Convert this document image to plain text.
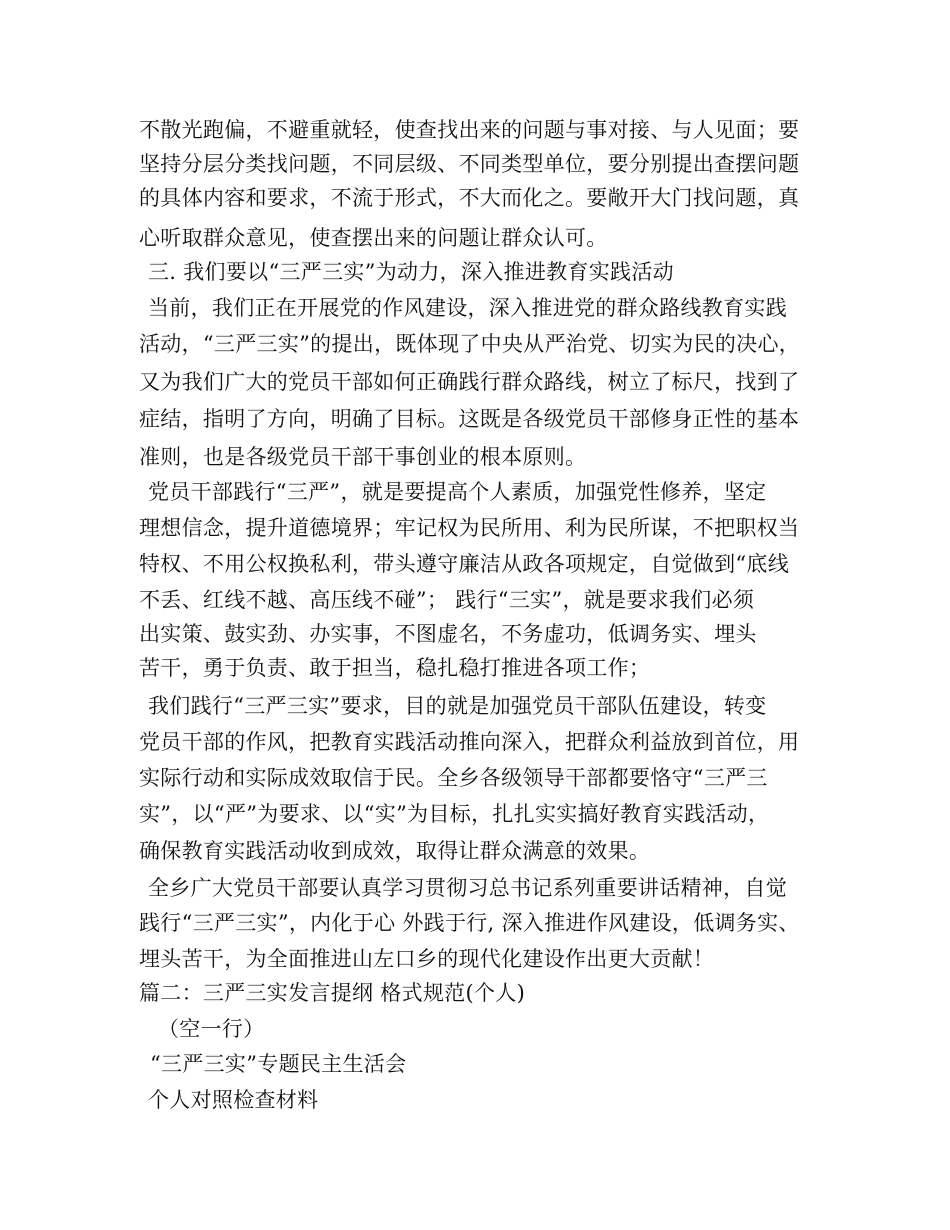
不散光跑偏，不避重就轻，使查找出来的问题与事对接、与人见面；要
坚持分层分类找问题，不同层级、不同类型单位，要分别提出查摆问题
的具体内容和要求，不流于形式，不大而化之。要敞开大门找问题，真
心听取群众意见，使查摆出来的问题让群众认可。
三. 我们要以“三严三实”为动力，深入推进教育实践活动
当前，我们正在开展党的作风建设，深入推进党的群众路线教育实践
活动，“三严三实”的提出，既体现了中央从严治党、切实为民的决心，
又为我们广大的党员干部如何正确践行群众路线，树立了标尺，找到了
症结，指明了方向，明确了目标。这既是各级党员干部修身正性的基本
准则，也是各级党员干部干事创业的根本原则。
党员干部践行“三严”，就是要提高个人素质，加强党性修养，坚定
理想信念，提升道德境界；牢记权为民所用、利为民所谋，不把职权当
特权、不用公权换私利，带头遵守廉洁从政各项规定，自觉做到“底线
不丢、红线不越、高压线不碰”； 践行“三实”，就是要求我们必须
出实策、鼓实劲、办实事，不图虚名，不务虚功，低调务实、埋头
苦干，勇于负责、敢于担当，稳扎稳打推进各项工作；
我们践行“三严三实”要求，目的就是加强党员干部队伍建设，转变
党员干部的作风，把教育实践活动推向深入，把群众利益放到首位，用
实际行动和实际成效取信于民。全乡各级领导干部都要恪守“三严三
实”，以“严”为要求、以“实”为目标，扎扎实实搞好教育实践活动，
确保教育实践活动收到成效，取得让群众满意的效果。
全乡广大党员干部要认真学习贯彻习总书记系列重要讲话精神，自觉
践行“三严三实”，内化于心 外践于行, 深入推进作风建设，低调务实、
埋头苦干，为全面推进山左口乡的现代化建设作出更大贡献！
篇二：三严三实发言提纲 格式规范(个人)
（空一行）
“三严三实”专题民主生活会
个人对照检查材料
